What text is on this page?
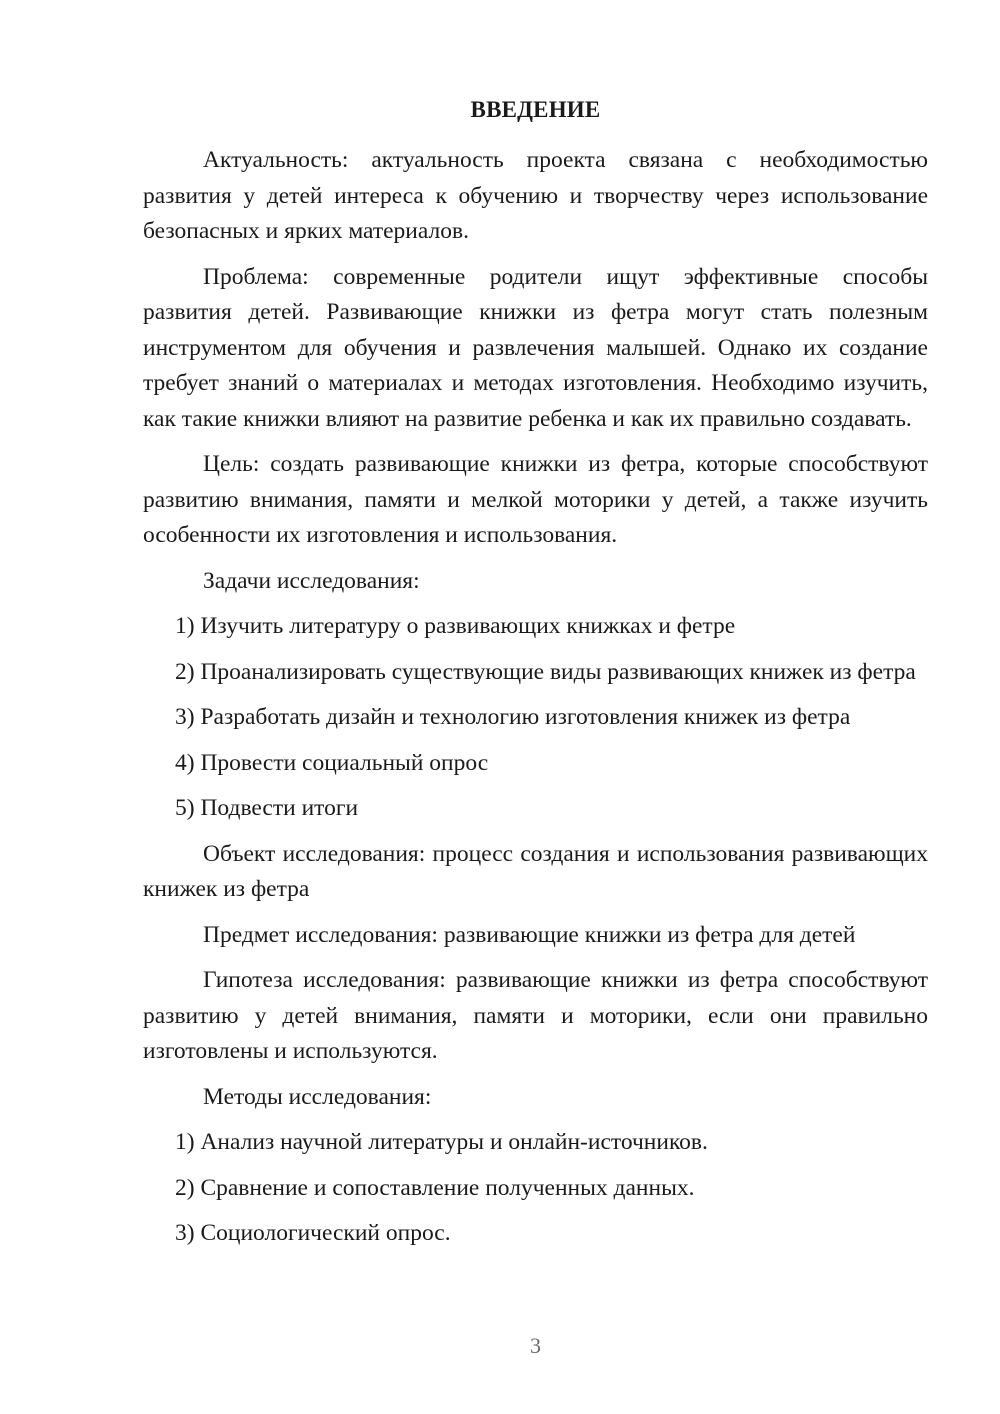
ВВЕДЕНИЕ

Актуальность: актуальность проекта связана с необходимостью развития у детей интереса к обучению и творчеству через использование безопасных и ярких материалов.

Проблема: современные родители ищут эффективные способы развития детей. Развивающие книжки из фетра могут стать полезным инструментом для обучения и развлечения малышей. Однако их создание требует знаний о материалах и методах изготовления. Необходимо изучить, как такие книжки влияют на развитие ребенка и как их правильно создавать.

Цель: создать развивающие книжки из фетра, которые способствуют развитию внимания, памяти и мелкой моторики у детей, а также изучить особенности их изготовления и использования.

Задачи исследования:

1) Изучить литературу о развивающих книжках и фетре

2) Проанализировать существующие виды развивающих книжек из фетра

3) Разработать дизайн и технологию изготовления книжек из фетра

4) Провести социальный опрос

5) Подвести итоги

Объект исследования: процесс создания и использования развивающих книжек из фетра

Предмет исследования: развивающие книжки из фетра для детей

Гипотеза исследования: развивающие книжки из фетра способствуют развитию у детей внимания, памяти и моторики, если они правильно изготовлены и используются.

Методы исследования:

1) Анализ научной литературы и онлайн-источников.

2) Сравнение и сопоставление полученных данных.

3) Социологический опрос.

3
